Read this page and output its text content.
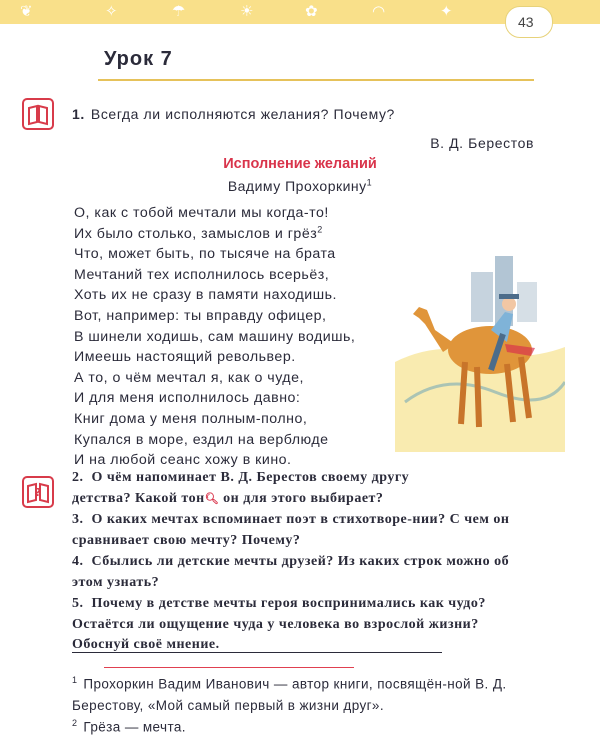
❦	✧	☂	☀	✿	◠	✦
43
Урок 7
1. Всегда ли исполняются желания? Почему?
В. Д. Берестов
Исполнение желаний
Вадиму Прохоркину$^1$
О, как с тобой мечтали мы когда-то!
Их было столько, замыслов и грёз$^2$
Что, может быть, по тысяче на брата
Мечтаний тех исполнилось всерьёз,
Хоть их не сразу в памяти находишь.
Вот, например: ты вправду офицер,
В шинели ходишь, сам машину водишь,
Имеешь настоящий револьвер.
А то, о чём мечтал я, как о чуде,
И для меня исполнилось давно:
Книг дома у меня полным-полно,
Купался в море, ездил на верблюде
И на любой сеанс хожу в кино.
?
2. О чём напоминает В. Д. Берестов своему другу
детства? Какой тон🔍︎ он для этого выбирает?
3. О каких мечтах вспоминает поэт в стихотворе-нии? С чем он сравнивает свою мечту? Почему?
4. Сбылись ли детские мечты друзей? Из каких строк можно об этом узнать?
5. Почему в детстве мечты героя воспринимались как чудо? Остаётся ли ощущение чуда у человека во взрослой жизни? Обоснуй своё мнение.
$^1$ Прохоркин Вадим Иванович — автор книги, посвящён-ной В. Д. Берестову, «Мой самый первый в жизни друг».
$^2$ Грёза — мечта.
